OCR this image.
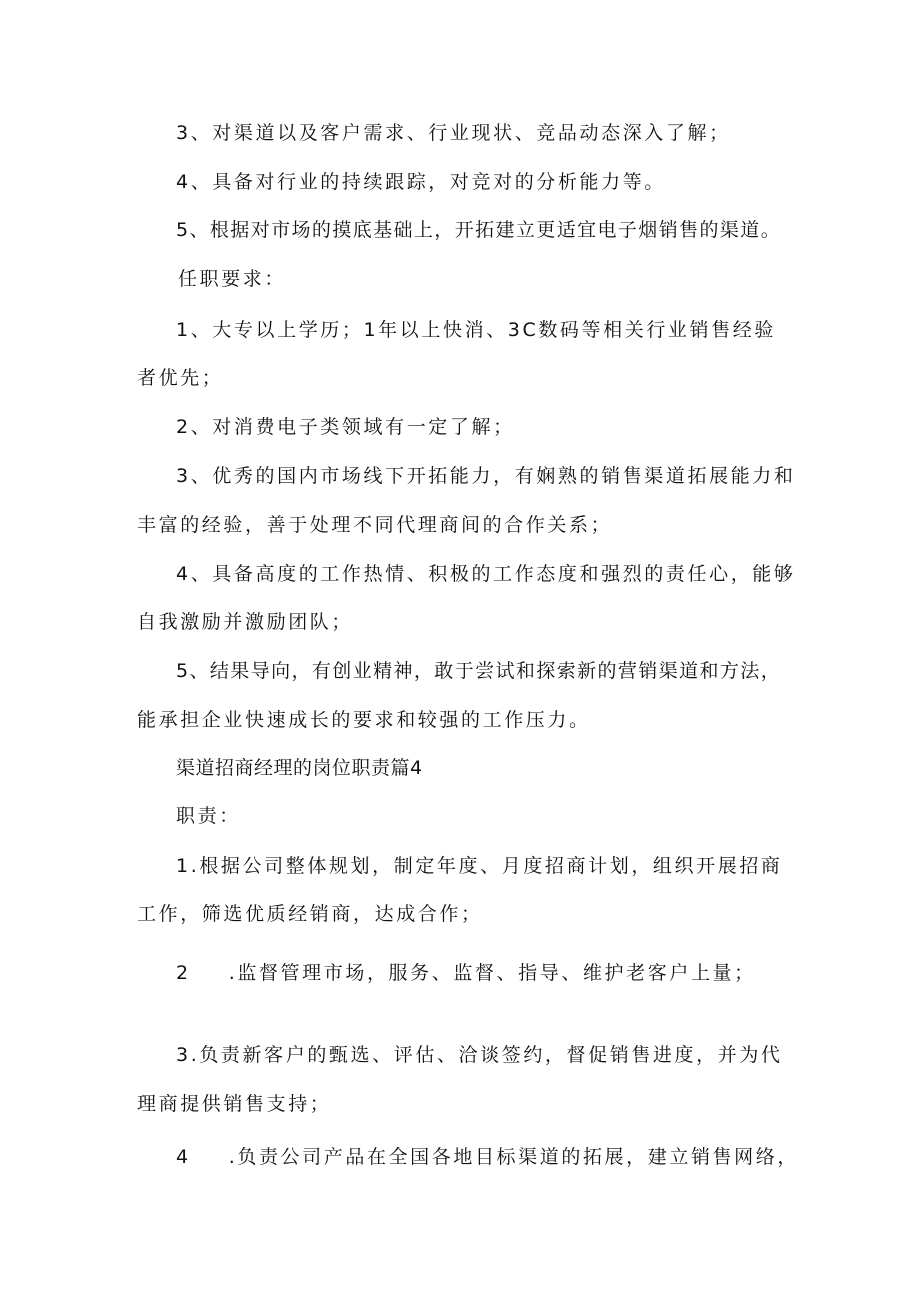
3、对渠道以及客户需求、行业现状、竞品动态深入了解；

4、具备对行业的持续跟踪，对竞对的分析能力等。

5、根据对市场的摸底基础上，开拓建立更适宜电子烟销售的渠道。

任职要求：

1、大专以上学历；1年以上快消、3C数码等相关行业销售经验

者优先；

2、对消费电子类领域有一定了解；

3、优秀的国内市场线下开拓能力，有娴熟的销售渠道拓展能力和

丰富的经验，善于处理不同代理商间的合作关系；

4、具备高度的工作热情、积极的工作态度和强烈的责任心，能够

自我激励并激励团队；

5、结果导向，有创业精神，敢于尝试和探索新的营销渠道和方法，

能承担企业快速成长的要求和较强的工作压力。

渠道招商经理的岗位职责篇4

职责：

1.根据公司整体规划，制定年度、月度招商计划，组织开展招商

工作，筛选优质经销商，达成合作；

2 .监督管理市场，服务、监督、指导、维护老客户上量；

3.负责新客户的甄选、评估、洽谈签约，督促销售进度，并为代

理商提供销售支持；

4 .负责公司产品在全国各地目标渠道的拓展，建立销售网络，
